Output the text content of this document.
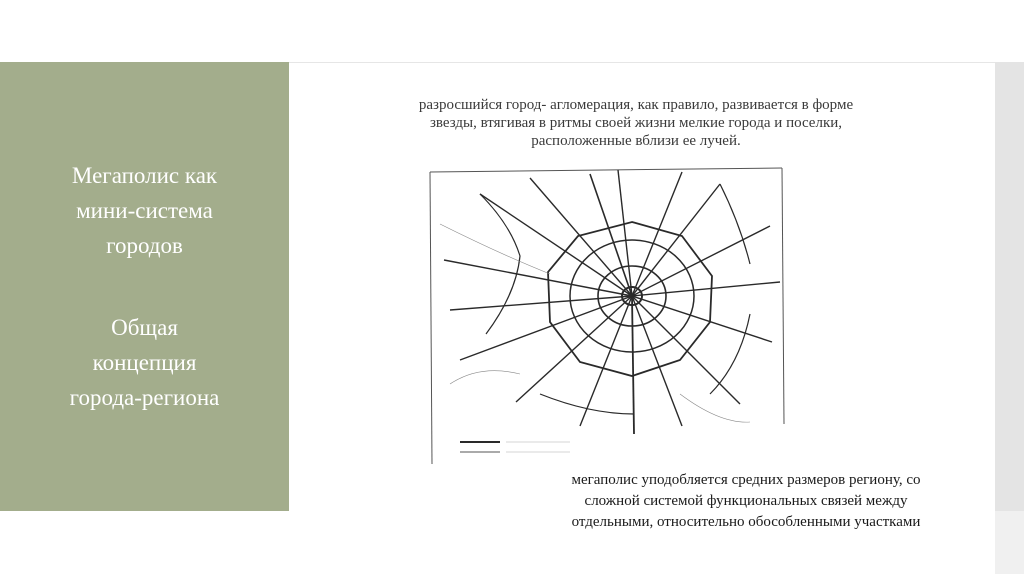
Мегаполис как
мини-система
городов
Общая
концепция
города-региона
разросшийся город- агломерация, как правило, развивается в форме
звезды, втягивая в ритмы своей жизни мелкие города и поселки,
расположенные вблизи ее лучей.
мегаполис уподобляется средних размеров региону, со
сложной системой функциональных связей между
отдельными, относительно обособленными участками
